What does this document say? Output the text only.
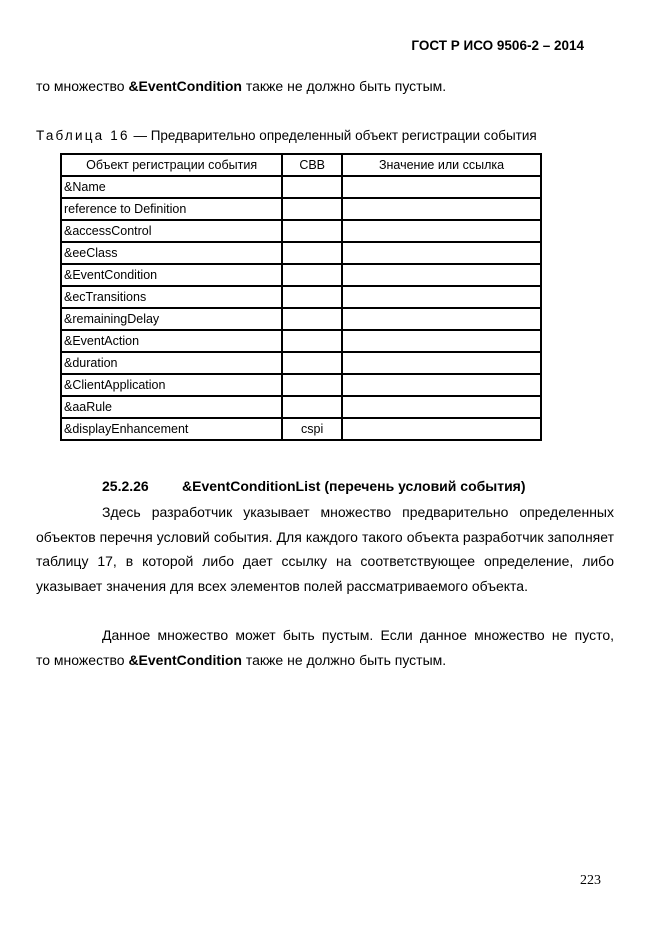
ГОСТ Р ИСО 9506-2 – 2014
то множество &EventCondition также не должно быть пустым.
Таблица 16 — Предварительно определенный объект регистрации события
Объект регистрации события	СВВ	Значение или ссылка
&Name		
reference to Definition		
&accessControl		
&eeClass		
&EventCondition		
&ecTransitions		
&remainingDelay		
&EventAction		
&duration		
&ClientApplication		
&aaRule		
&displayEnhancement	cspi	
25.2.26 &EventConditionList (перечень условий события)
Здесь разработчик указывает множество предварительно определенных объектов перечня условий события. Для каждого такого объекта разработчик заполняет таблицу 17, в которой либо дает ссылку на соответствующее определение, либо указывает значения для всех элементов полей рассматриваемого объекта.
Данное множество может быть пустым. Если данное множество не пусто,
то множество &EventCondition также не должно быть пустым.
223
